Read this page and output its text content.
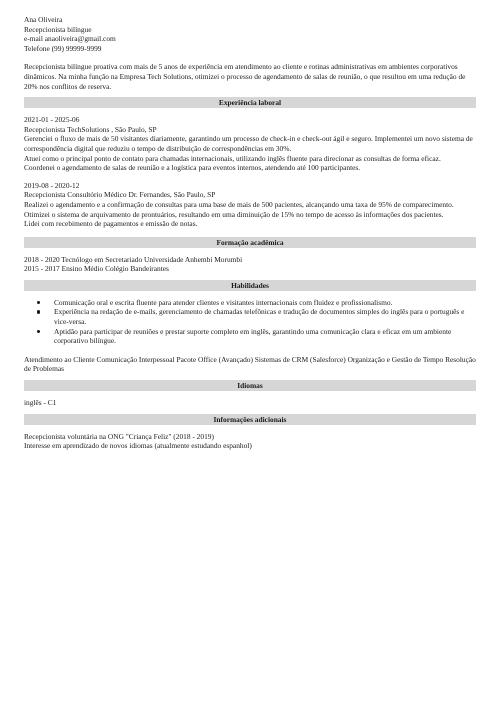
Ana Oliveira
Recepcionista bilíngue
e-mail anaoliveira@gmail.com
Telefone (99) 99999-9999
Recepcionista bilíngue proativa com mais de 5 anos de experiência em atendimento ao cliente e rotinas administrativas em ambientes corporativos dinâmicos. Na minha função na Empresa Tech Solutions, otimizei o processo de agendamento de salas de reunião, o que resultou em uma redução de 20% nos conflitos de reserva.
Experiência laboral
2021-01 - 2025-06
Recepcionista TechSolutions , São Paulo, SP
Gerenciei o fluxo de mais de 50 visitantes diariamente, garantindo um processo de check-in e check-out ágil e seguro. Implementei um novo sistema de correspondência digital que reduziu o tempo de distribuição de correspondências em 30%.
Atuei como o principal ponto de contato para chamadas internacionais, utilizando inglês fluente para direcionar as consultas de forma eficaz.
Coordenei o agendamento de salas de reunião e a logística para eventos internos, atendendo até 100 participantes.
2019-08 - 2020-12
Recepcionista Consultório Médico Dr. Fernandes, São Paulo, SP
Realizei o agendamento e a confirmação de consultas para uma base de mais de 500 pacientes, alcançando uma taxa de 95% de comparecimento.
Otimizei o sistema de arquivamento de prontuários, resultando em uma diminuição de 15% no tempo de acesso às informações dos pacientes.
Lidei com recebimento de pagamentos e emissão de notas.
Formação acadêmica
2018 - 2020 Tecnólogo em Secretariado Universidade Anhembi Morumbi
2015 - 2017 Ensino Médio Colégio Bandeirantes
Habilidades
Comunicação oral e escrita fluente para atender clientes e visitantes internacionais com fluidez e profissionalismo.
Experiência na redação de e-mails, gerenciamento de chamadas telefônicas e tradução de documentos simples do inglês para o português e vice-versa.
Aptidão para participar de reuniões e prestar suporte completo em inglês, garantindo uma comunicação clara e eficaz em um ambiente corporativo bilíngue.
Atendimento ao Cliente Comunicação Interpessoal Pacote Office (Avançado) Sistemas de CRM (Salesforce) Organização e Gestão de Tempo Resolução de Problemas
Idiomas
inglês - C1
Informações adicionais
Recepcionista voluntária na ONG "Criança Feliz" (2018 - 2019)
Interesse em aprendizado de novos idiomas (atualmente estudando espanhol)
